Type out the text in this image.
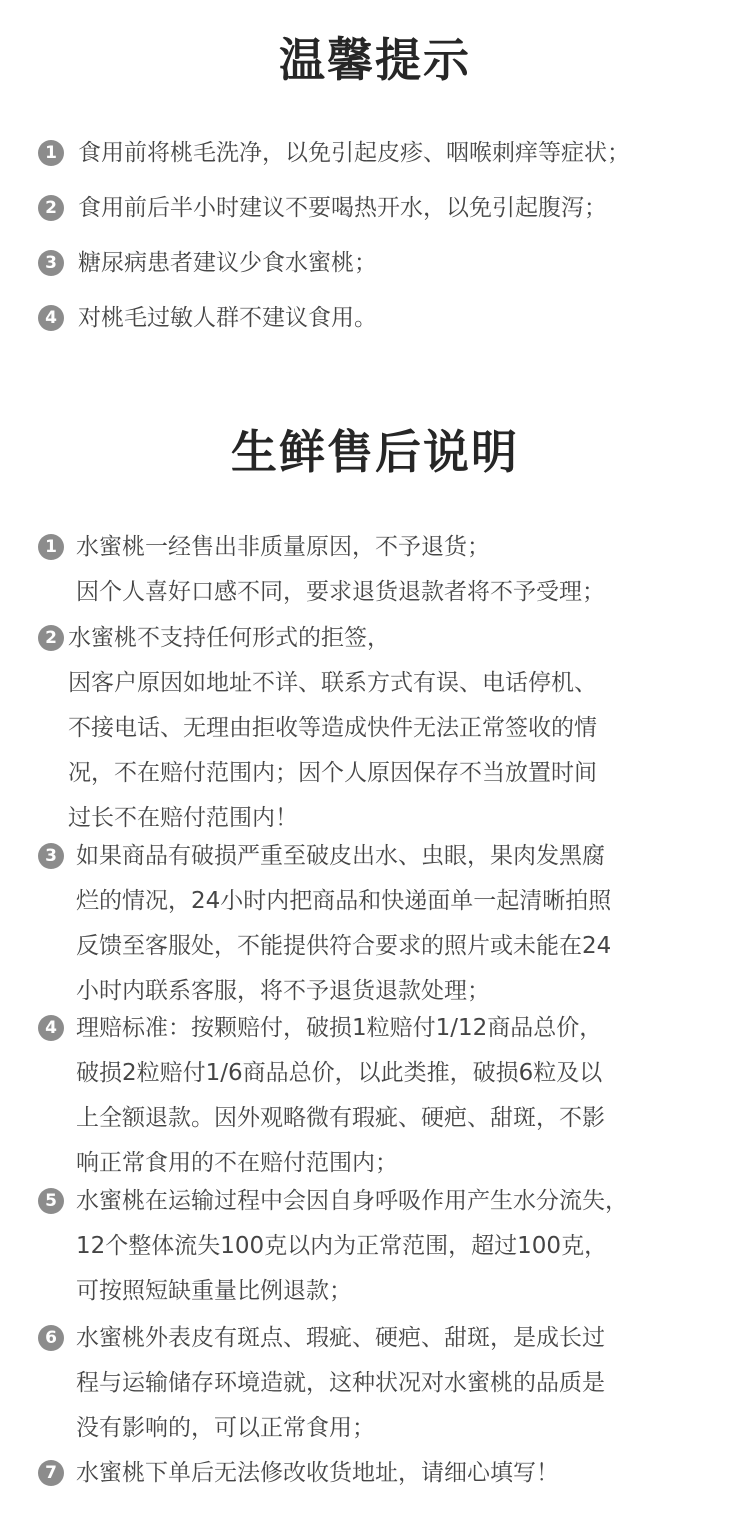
温馨提示
1 食用前将桃毛洗净，以免引起皮疹、咽喉刺痒等症状；
2 食用前后半小时建议不要喝热开水，以免引起腹泻；
3 糖尿病患者建议少食水蜜桃；
4 对桃毛过敏人群不建议食用。
生鲜售后说明
1 水蜜桃一经售出非质量原因，不予退货；
因个人喜好口感不同，要求退货退款者将不予受理；
2 水蜜桃不支持任何形式的拒签，
因客户原因如地址不详、联系方式有误、电话停机、
不接电话、无理由拒收等造成快件无法正常签收的情
况，不在赔付范围内；因个人原因保存不当放置时间
过长不在赔付范围内！
3 如果商品有破损严重至破皮出水、虫眼，果肉发黑腐
烂的情况，24小时内把商品和快递面单一起清晰拍照
反馈至客服处，不能提供符合要求的照片或未能在24
小时内联系客服，将不予退货退款处理；
4 理赔标准：按颗赔付，破损1粒赔付1/12商品总价，
破损2粒赔付1/6商品总价，以此类推，破损6粒及以
上全额退款。因外观略微有瑕疵、硬疤、甜斑，不影
响正常食用的不在赔付范围内；
5 水蜜桃在运输过程中会因自身呼吸作用产生水分流失，
12个整体流失100克以内为正常范围，超过100克，
可按照短缺重量比例退款；
6 水蜜桃外表皮有斑点、瑕疵、硬疤、甜斑，是成长过
程与运输储存环境造就，这种状况对水蜜桃的品质是
没有影响的，可以正常食用；
7 水蜜桃下单后无法修改收货地址，请细心填写！
